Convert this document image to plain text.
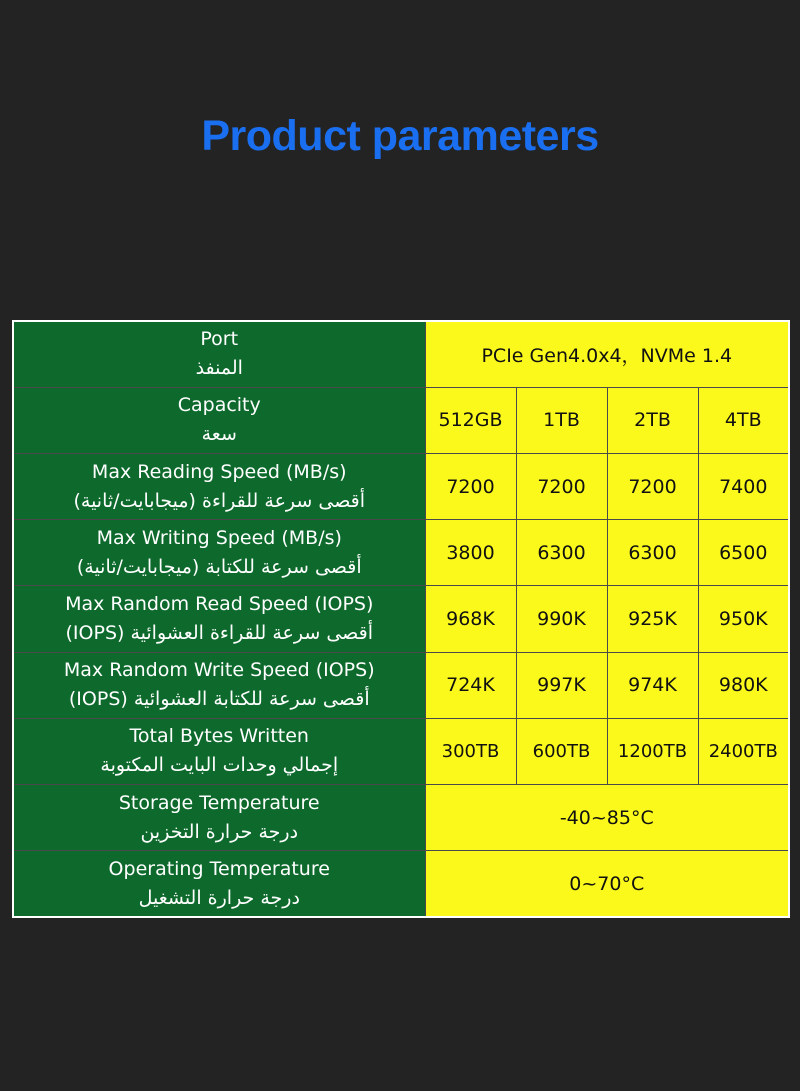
Product parameters
Port
المنفذ	PCIe Gen4.0x4，NVMe 1.4			

Capacity
سعة	512GB	1TB	2TB	4TB

Max Reading Speed (MB/s)
أقصى سرعة للقراءة (ميجابايت/ثانية)	7200	7200	7200	7400

Max Writing Speed (MB/s)
أقصى سرعة للكتابة (ميجابايت/ثانية)	3800	6300	6300	6500

Max Random Read Speed (IOPS)
أقصى سرعة للقراءة العشوائية (IOPS)	968K	990K	925K	950K

Max Random Write Speed (IOPS)
أقصى سرعة للكتابة العشوائية (IOPS)	724K	997K	974K	980K

Total Bytes Written
إجمالي وحدات البايت المكتوبة	300TB	600TB	1200TB	2400TB

Storage Temperature
درجة حرارة التخزين	-40~85°C			

Operating Temperature
درجة حرارة التشغيل	0~70°C			
